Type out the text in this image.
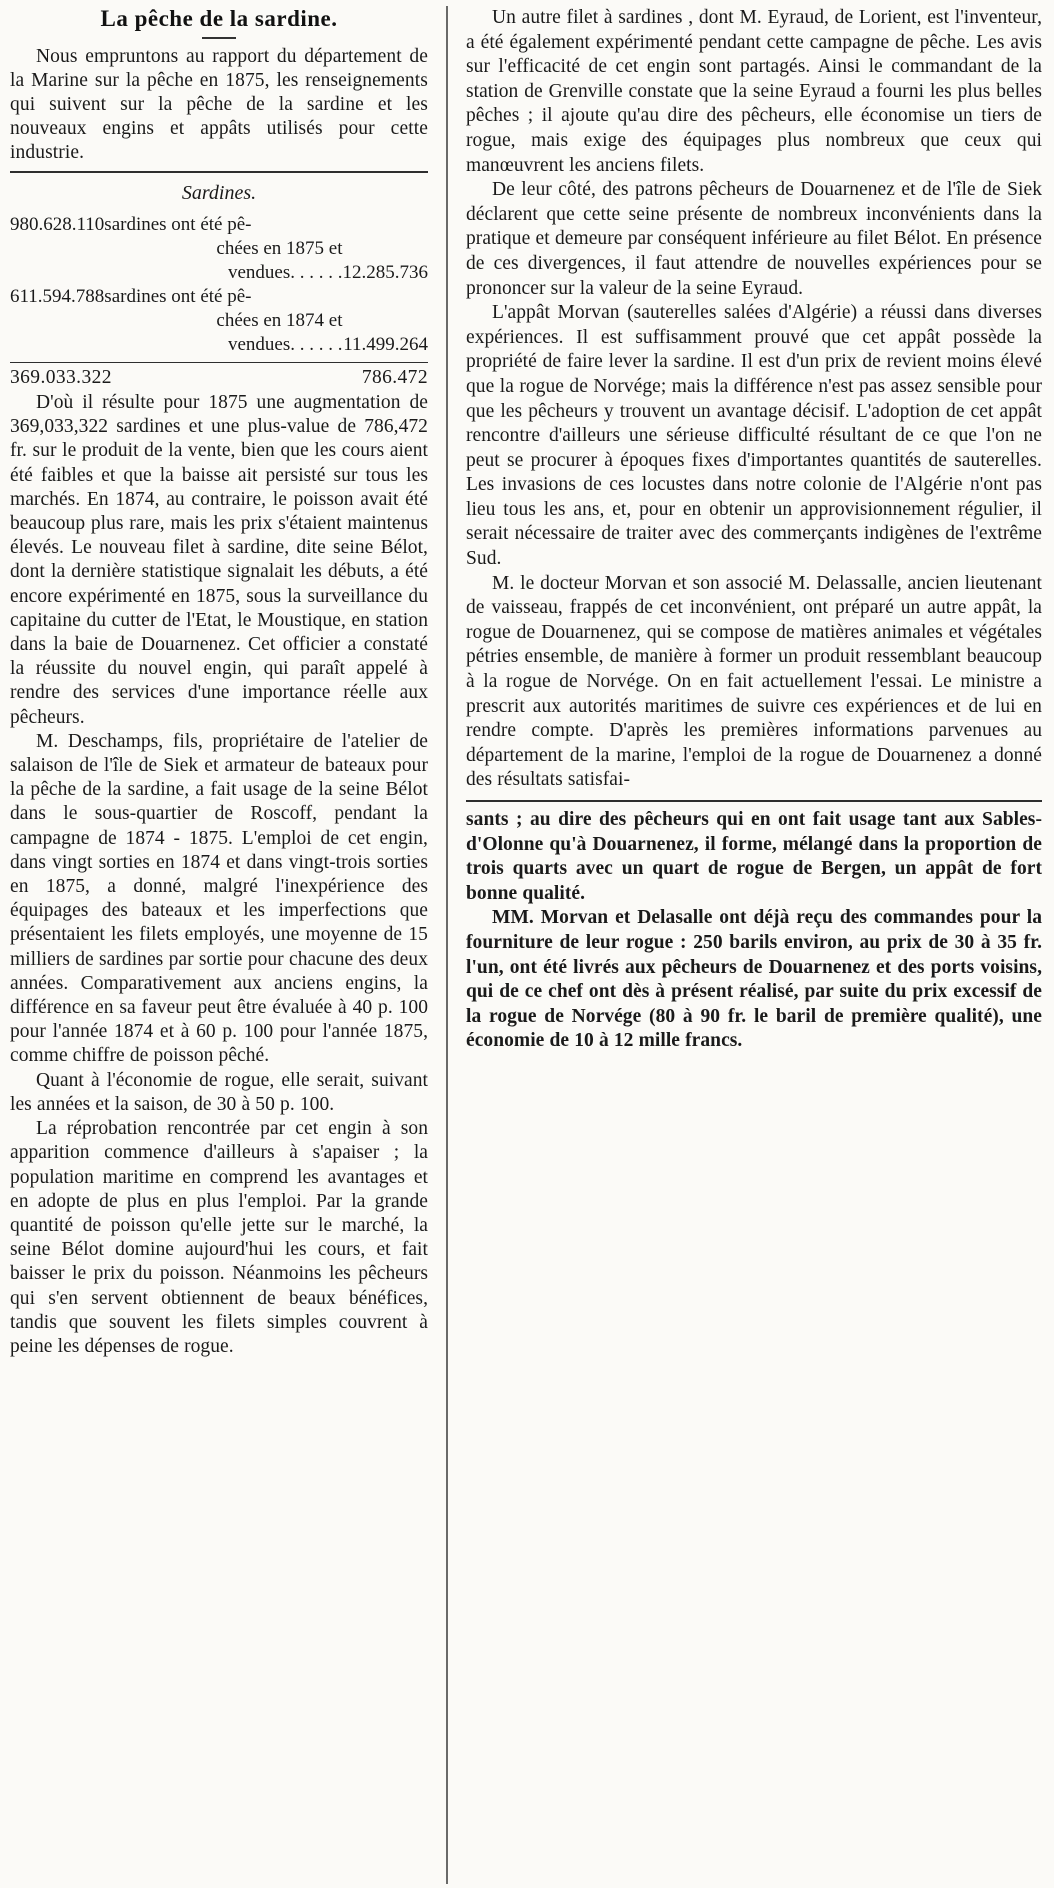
La pêche de la sardine.

Nous empruntons au rapport du département de la Marine sur la pêche en 1875, les renseignements qui suivent sur la pêche de la sardine et les nouveaux engins et appâts utilisés pour cette industrie.

Sardines.
980.628.110	sardines ont été pê-	
	chées en 1875 et	
	vendues. . . . . .	12.285.736
611.594.788	sardines ont été pê-	
	chées en 1874 et	
	vendues. . . . . .	11.499.264
369.033.322	786.472

D'où il résulte pour 1875 une augmentation de 369,033,322 sardines et une plus-value de 786,472 fr. sur le produit de la vente, bien que les cours aient été faibles et que la baisse ait persisté sur tous les marchés. En 1874, au contraire, le poisson avait été beaucoup plus rare, mais les prix s'étaient maintenus élevés. Le nouveau filet à sardine, dite seine Bélot, dont la dernière statistique signalait les débuts, a été encore expérimenté en 1875, sous la surveillance du capitaine du cutter de l'Etat, le Moustique, en station dans la baie de Douarnenez. Cet officier a constaté la réussite du nouvel engin, qui paraît appelé à rendre des services d'une importance réelle aux pêcheurs.

M. Deschamps, fils, propriétaire de l'atelier de salaison de l'île de Siek et armateur de bateaux pour la pêche de la sardine, a fait usage de la seine Bélot dans le sous-quartier de Roscoff, pendant la campagne de 1874 - 1875. L'emploi de cet engin, dans vingt sorties en 1874 et dans vingt-trois sorties en 1875, a donné, malgré l'inexpérience des équipages des bateaux et les imperfections que présentaient les filets employés, une moyenne de 15 milliers de sardines par sortie pour chacune des deux années. Comparativement aux anciens engins, la différence en sa faveur peut être évaluée à 40 p. 100 pour l'année 1874 et à 60 p. 100 pour l'année 1875, comme chiffre de poisson pêché.

Quant à l'économie de rogue, elle serait, suivant les années et la saison, de 30 à 50 p. 100.

La réprobation rencontrée par cet engin à son apparition commence d'ailleurs à s'apaiser ; la population maritime en comprend les avantages et en adopte de plus en plus l'emploi. Par la grande quantité de poisson qu'elle jette sur le marché, la seine Bélot domine aujourd'hui les cours, et fait baisser le prix du poisson. Néanmoins les pêcheurs qui s'en servent obtiennent de beaux bénéfices, tandis que souvent les filets simples couvrent à peine les dépenses de rogue.

Un autre filet à sardines , dont M. Eyraud, de Lorient, est l'inventeur, a été également expérimenté pendant cette campagne de pêche. Les avis sur l'efficacité de cet engin sont partagés. Ainsi le commandant de la station de Grenville constate que la seine Eyraud a fourni les plus belles pêches ; il ajoute qu'au dire des pêcheurs, elle économise un tiers de rogue, mais exige des équipages plus nombreux que ceux qui manœuvrent les anciens filets.

De leur côté, des patrons pêcheurs de Douarnenez et de l'île de Siek déclarent que cette seine présente de nombreux inconvénients dans la pratique et demeure par conséquent inférieure au filet Bélot. En présence de ces divergences, il faut attendre de nouvelles expériences pour se prononcer sur la valeur de la seine Eyraud.

L'appât Morvan (sauterelles salées d'Algérie) a réussi dans diverses expériences. Il est suffisamment prouvé que cet appât possède la propriété de faire lever la sardine. Il est d'un prix de revient moins élevé que la rogue de Norvége; mais la différence n'est pas assez sensible pour que les pêcheurs y trouvent un avantage décisif. L'adoption de cet appât rencontre d'ailleurs une sérieuse difficulté résultant de ce que l'on ne peut se procurer à époques fixes d'importantes quantités de sauterelles. Les invasions de ces locustes dans notre colonie de l'Algérie n'ont pas lieu tous les ans, et, pour en obtenir un approvisionnement régulier, il serait nécessaire de traiter avec des commerçants indigènes de l'extrême Sud.

M. le docteur Morvan et son associé M. Delassalle, ancien lieutenant de vaisseau, frappés de cet inconvénient, ont préparé un autre appât, la rogue de Douarnenez, qui se compose de matières animales et végétales pétries ensemble, de manière à former un produit ressemblant beaucoup à la rogue de Norvége. On en fait actuellement l'essai. Le ministre a prescrit aux autorités maritimes de suivre ces expériences et de lui en rendre compte. D'après les premières informations parvenues au département de la marine, l'emploi de la rogue de Douarnenez a donné des résultats satisfai-

sants ; au dire des pêcheurs qui en ont fait usage tant aux Sables-d'Olonne qu'à Douarnenez, il forme, mélangé dans la proportion de trois quarts avec un quart de rogue de Bergen, un appât de fort bonne qualité.

MM. Morvan et Delasalle ont déjà reçu des commandes pour la fourniture de leur rogue : 250 barils environ, au prix de 30 à 35 fr. l'un, ont été livrés aux pêcheurs de Douarnenez et des ports voisins, qui de ce chef ont dès à présent réalisé, par suite du prix excessif de la rogue de Norvége (80 à 90 fr. le baril de première qualité), une économie de 10 à 12 mille francs.
